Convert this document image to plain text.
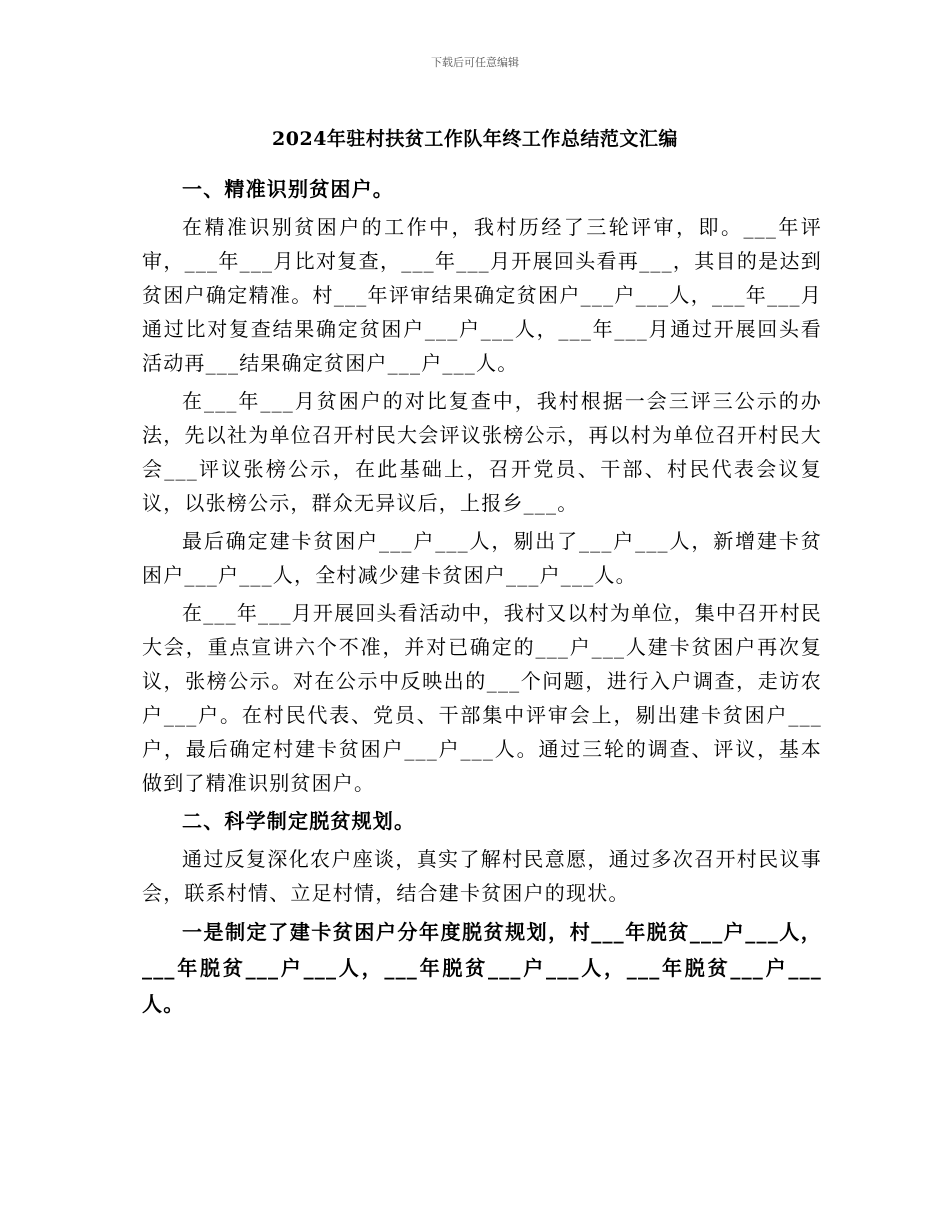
下载后可任意编辑
2024年驻村扶贫工作队年终工作总结范文汇编

一、精准识别贫困户。

在精准识别贫困户的工作中，我村历经了三轮评审，即。___年评审，___年___月比对复查，___年___月开展回头看再___，其目的是达到贫困户确定精准。村___年评审结果确定贫困户___户___人，___年___月通过比对复查结果确定贫困户___户___人，___年___月通过开展回头看活动再___结果确定贫困户___户___人。

在___年___月贫困户的对比复查中，我村根据一会三评三公示的办法，先以社为单位召开村民大会评议张榜公示，再以村为单位召开村民大会___评议张榜公示，在此基础上，召开党员、干部、村民代表会议复议，以张榜公示，群众无异议后，上报乡___。

最后确定建卡贫困户___户___人，剔出了___户___人，新增建卡贫困户___户___人，全村减少建卡贫困户___户___人。

在___年___月开展回头看活动中，我村又以村为单位，集中召开村民大会，重点宣讲六个不准，并对已确定的___户___人建卡贫困户再次复议，张榜公示。对在公示中反映出的___个问题，进行入户调查，走访农户___户。在村民代表、党员、干部集中评审会上，剔出建卡贫困户___户，最后确定村建卡贫困户___户___人。通过三轮的调查、评议，基本做到了精准识别贫困户。

二、科学制定脱贫规划。

通过反复深化农户座谈，真实了解村民意愿，通过多次召开村民议事会，联系村情、立足村情，结合建卡贫困户的现状。

一是制定了建卡贫困户分年度脱贫规划，村___年脱贫___户___人，___年脱贫___户___人，___年脱贫___户___人，___年脱贫___户___人。
